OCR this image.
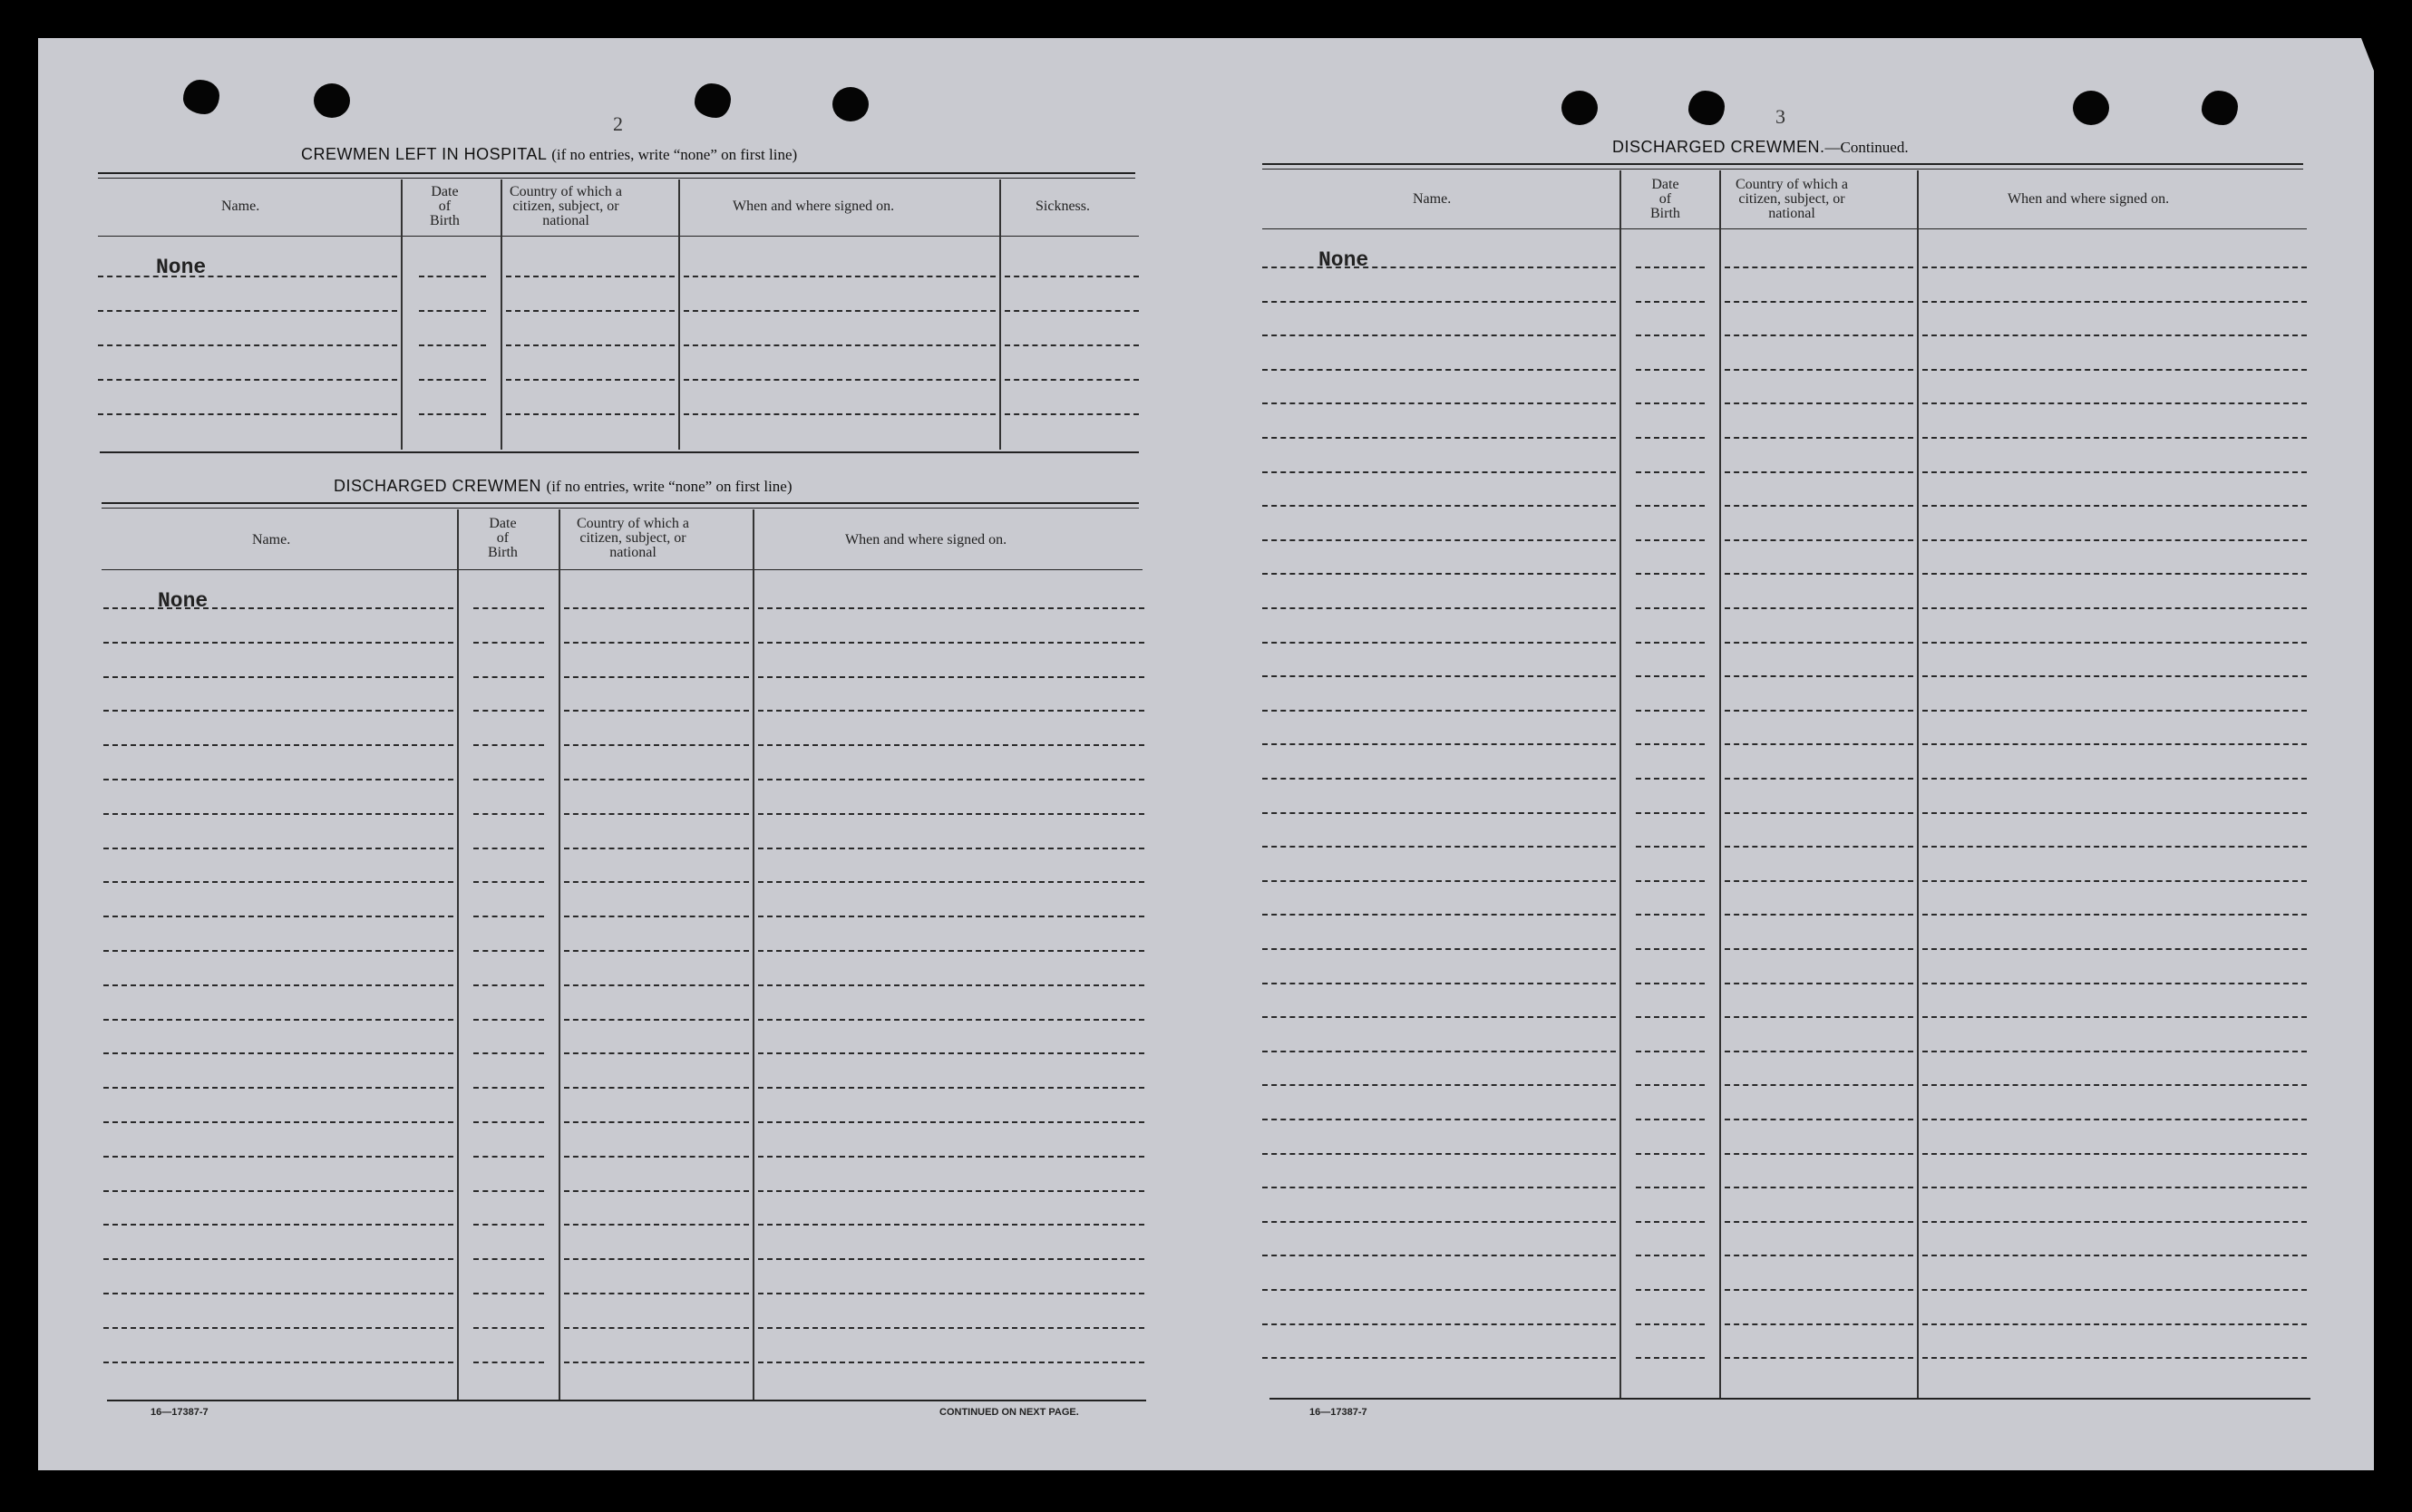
2
CREWMEN LEFT IN HOSPITAL (if no entries, write “none” on first line)
Name.
Date
of
Birth
Country of which a
citizen, subject, or
national
When and where signed on.	Sickness.
None
DISCHARGED CREWMEN (if no entries, write “none” on first line)
Name.
Date
of
Birth
Country of which a
citizen, subject, or
national
When and where signed on.
None
16—17387-7	CONTINUED ON NEXT PAGE.
3
DISCHARGED CREWMEN.—Continued.
Name.
Date
of
Birth
Country of which a
citizen, subject, or
national
When and where signed on.
None
16—17387-7
